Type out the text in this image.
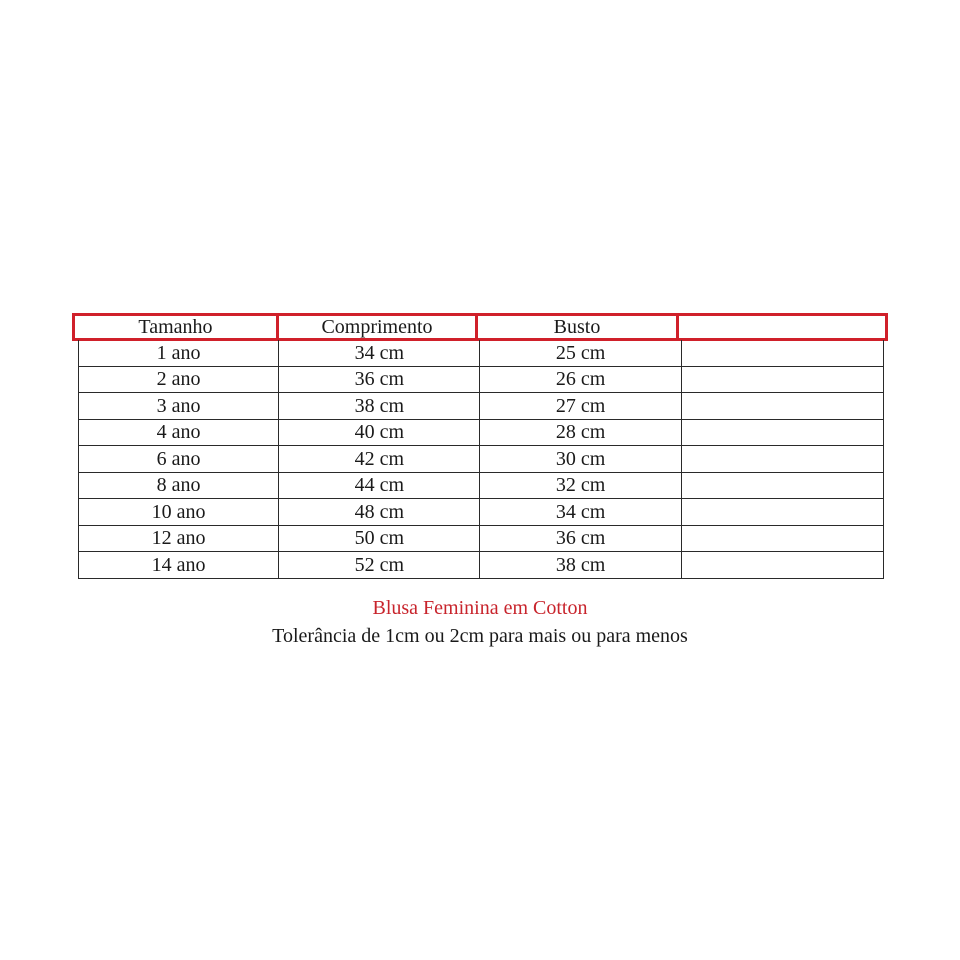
Tamanho	Comprimento	Busto
1 ano	34 cm	25 cm	
2 ano	36 cm	26 cm	
3 ano	38 cm	27 cm	
4 ano	40 cm	28 cm	
6 ano	42 cm	30 cm	
8 ano	44 cm	32 cm	
10 ano	48 cm	34 cm	
12 ano	50 cm	36 cm	
14 ano	52 cm	38 cm	
Blusa Feminina em Cotton
Tolerância de 1cm ou 2cm para mais ou para menos
